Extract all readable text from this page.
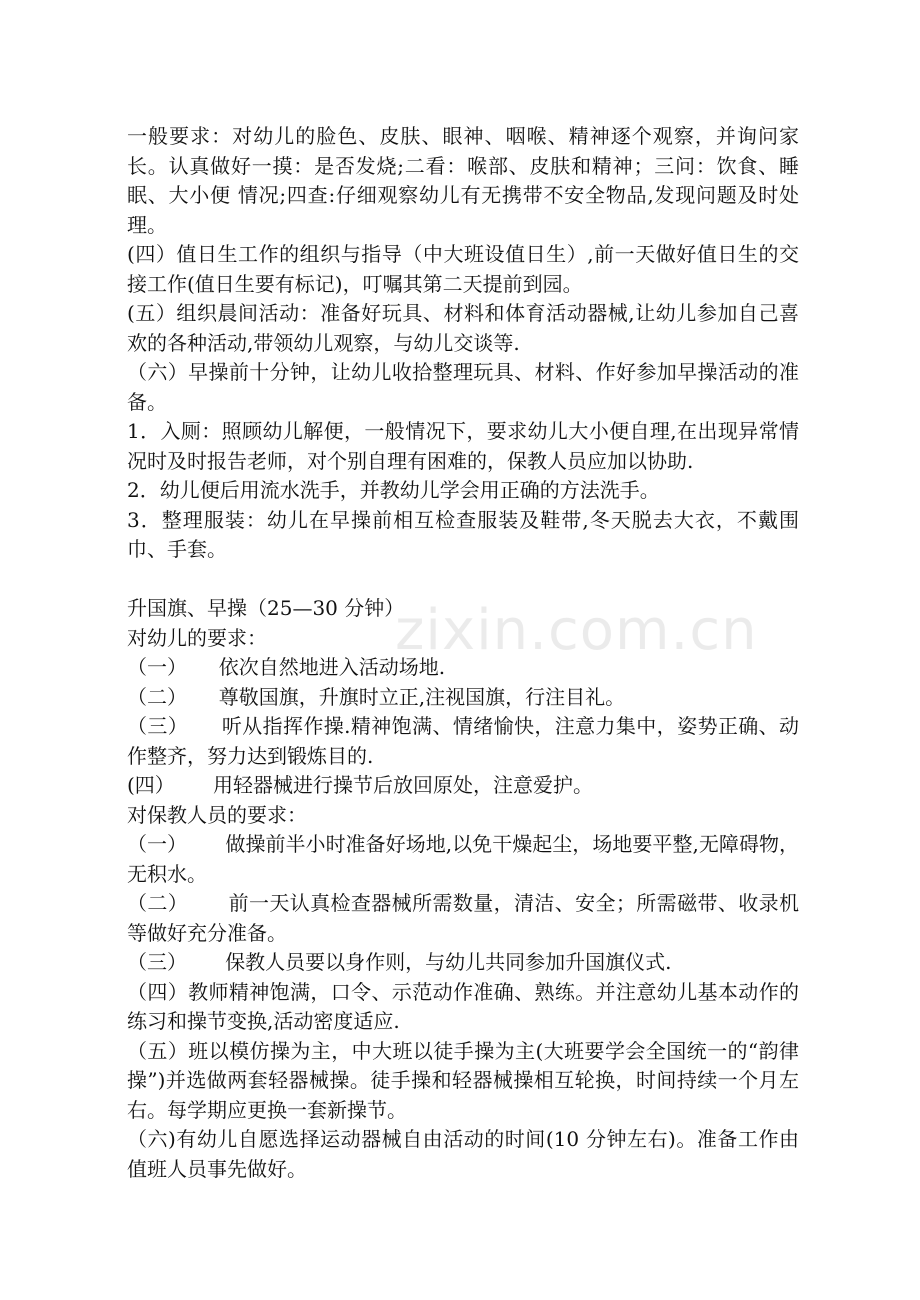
zixin.com.cn

一般要求：对幼儿的脸色、皮肤、眼神、咽喉、精神逐个观察，并询问家长。认真做好一摸：是否发烧;二看：喉部、皮肤和精神；三问：饮食、睡眠、大小便 情况;四查:仔细观察幼儿有无携带不安全物品,发现问题及时处理。

(四）值日生工作的组织与指导（中大班设值日生）,前一天做好值日生的交接工作(值日生要有标记)，叮嘱其第二天提前到园。

(五）组织晨间活动：准备好玩具、材料和体育活动器械,让幼儿参加自己喜欢的各种活动,带领幼儿观察，与幼儿交谈等.

（六）早操前十分钟，让幼儿收拾整理玩具、材料、作好参加早操活动的准备。

1．入厕：照顾幼儿解便，一般情况下，要求幼儿大小便自理,在出现异常情况时及时报告老师，对个别自理有困难的，保教人员应加以协助.

2．幼儿便后用流水洗手，并教幼儿学会用正确的方法洗手。

3．整理服装：幼儿在早操前相互检查服装及鞋带,冬天脱去大衣，不戴围巾、手套。

升国旗、早操（25—30 分钟）

对幼儿的要求：

（一）     依次自然地进入活动场地.

（二）     尊敬国旗，升旗时立正,注视国旗，行注目礼。

（三）     听从指挥作操.精神饱满、情绪愉快，注意力集中，姿势正确、动作整齐，努力达到锻炼目的.

(四）      用轻器械进行操节后放回原处，注意爱护。

对保教人员的要求：

（一）      做操前半小时准备好场地,以免干燥起尘，场地要平整,无障碍物，无积水。

（二）      前一天认真检查器械所需数量，清洁、安全；所需磁带、收录机等做好充分准备。

（三）      保教人员要以身作则，与幼儿共同参加升国旗仪式.

（四）教师精神饱满，口令、示范动作准确、熟练。并注意幼儿基本动作的练习和操节变换,活动密度适应.

（五）班以模仿操为主，中大班以徒手操为主(大班要学会全国统一的“韵律操”)并选做两套轻器械操。徒手操和轻器械操相互轮换，时间持续一个月左右。每学期应更换一套新操节。

（六)有幼儿自愿选择运动器械自由活动的时间(10 分钟左右)。准备工作由值班人员事先做好。
